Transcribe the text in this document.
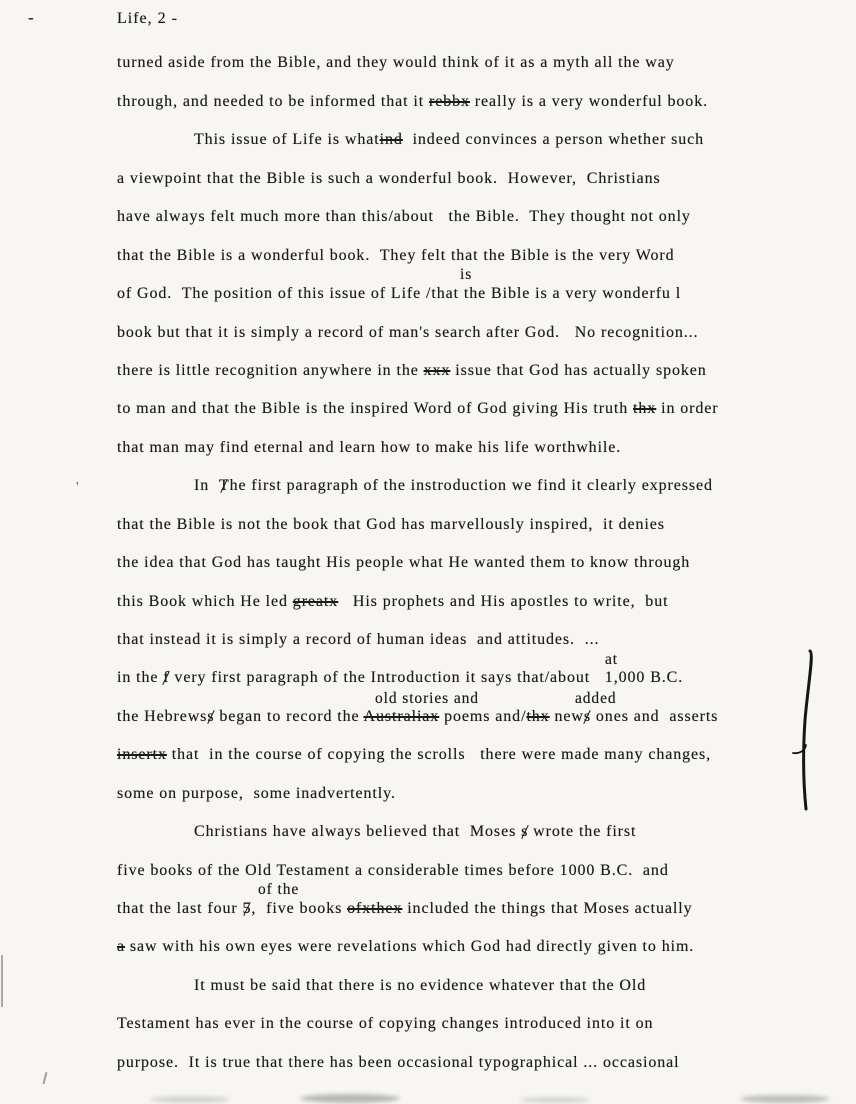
-	Life, 2 -
'
turned aside from the Bible, and they would think of it as a myth all the way
through, and needed to be informed that it rebbx really is a very wonderful book.
This issue of Life is whatind  indeed convinces a person whether such
a viewpoint that the Bible is such a wonderful book.  However,  Christians
have always felt much more than this/about   the Bible.  They thought not only
that the Bible is a wonderful book.  They felt that the Bible is the very Word
is
of God.  The position of this issue of Life /that the Bible is a very wonderfu l
book but that it is simply a record of man's search after God.   No recognition...
there is little recognition anywhere in the xxx issue that God has actually spoken
to man and that the Bible is the inspired Word of God giving His truth thx in order
that man may find eternal and learn how to make his life worthwhile.
In  The first paragraph of the instroduction we find it clearly expressed
that the Bible is not the book that God has marvellously inspired,  it denies
the idea that God has taught His people what He wanted them to know through
this Book which He led greatx   His prophets and His apostles to write,  but
that instead it is simply a record of human ideas  and attitudes.  ...
at
in the f very first paragraph of the Introduction it says that/about   1,000 B.C.
old stories and	added
the Hebrewss began to record the Australiax poems and/thx news ones and  asserts
insertx that  in the course of copying the scrolls   there were made many changes,
some on purpose,  some inadvertently.
Christians have always believed that  Moses s wrote the first
five books of the Old Testament a considerable times before 1000 B.C.  and
of the
that the last four 5,  five books ofxthex included the things that Moses actually
a saw with his own eyes were revelations which God had directly given to him.
It must be said that there is no evidence whatever that the Old
Testament has ever in the course of copying changes introduced into it on
purpose.  It is true that there has been occasional typographical ... occasional
